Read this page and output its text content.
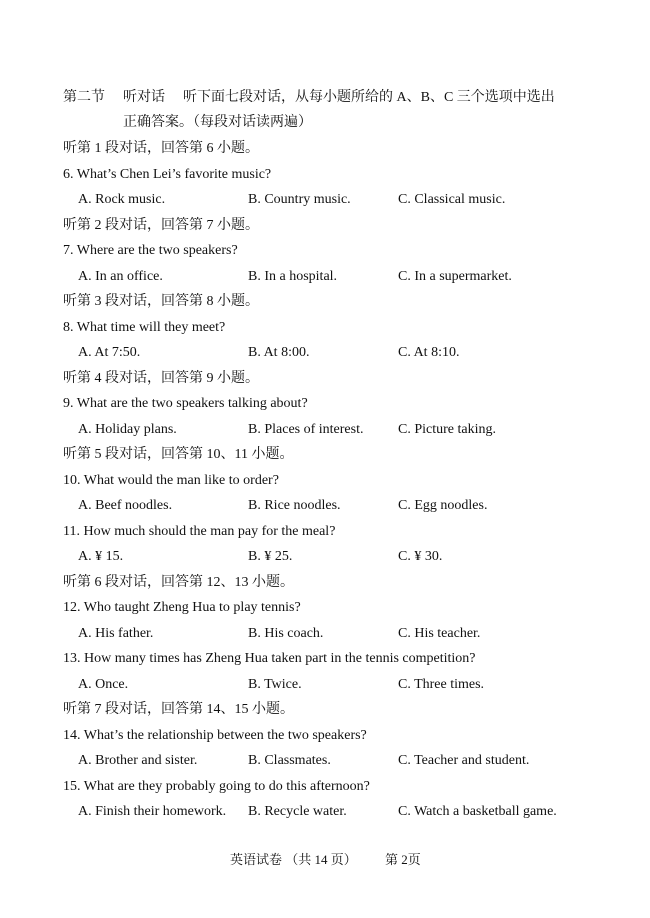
第二节 听对话 听下面七段对话，从每小题所给的 A、B、C 三个选项中选出
正确答案。（每段对话读两遍）
听第 1 段对话，回答第 6 小题。
6. What’s Chen Lei’s favorite music?
A. Rock music.	B. Country music.	C. Classical music.
听第 2 段对话，回答第 7 小题。
7. Where are the two speakers?
A. In an office.	B. In a hospital.	C. In a supermarket.
听第 3 段对话，回答第 8 小题。
8. What time will they meet?
A. At 7:50.	B. At 8:00.	C. At 8:10.
听第 4 段对话，回答第 9 小题。
9. What are the two speakers talking about?
A. Holiday plans.	B. Places of interest. C. Picture taking.
听第 5 段对话，回答第 10、11 小题。
10. What would the man like to order?
A. Beef noodles.	B. Rice noodles.	C. Egg noodles.
11. How much should the man pay for the meal?
A. ¥ 15.	B. ¥ 25.	C. ¥ 30.
听第 6 段对话，回答第 12、13 小题。
12. Who taught Zheng Hua to play tennis?
A. His father.	B. His coach.	C. His teacher.
13. How many times has Zheng Hua taken part in the tennis competition?
A. Once.	B. Twice.	C. Three times.
听第 7 段对话，回答第 14、15 小题。
14. What’s the relationship between the two speakers?
A. Brother and sister.	B. Classmates.	C. Teacher and student.
15. What are they probably going to do this afternoon?
A. Finish their homework. B. Recycle water.	C. Watch a basketball game.
英语试卷 （共 14 页） 第 2页
